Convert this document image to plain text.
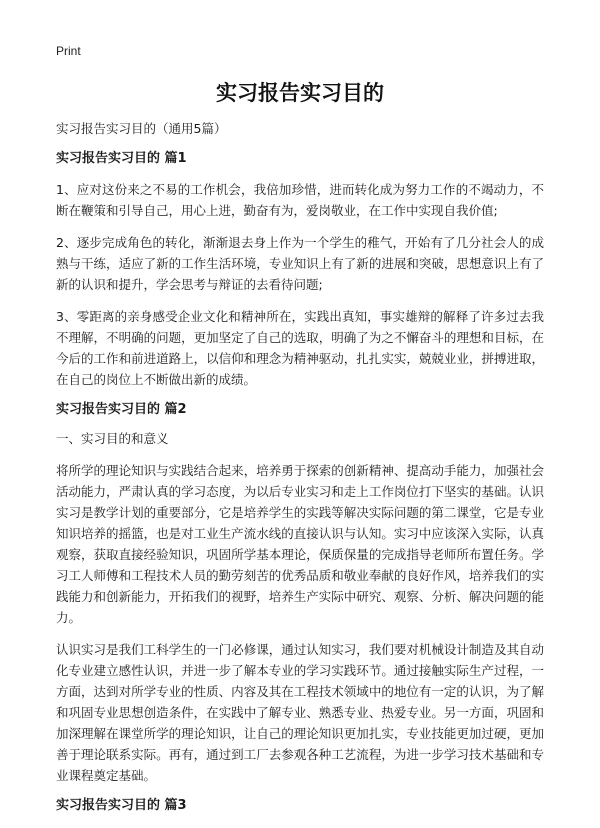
Print
实习报告实习目的
实习报告实习目的（通用5篇）
实习报告实习目的 篇1

1、应对这份来之不易的工作机会，我倍加珍惜，进而转化成为努力工作的不竭动力，不断在鞭策和引导自己，用心上进，勤奋有为，爱岗敬业，在工作中实现自我价值;

2、逐步完成角色的转化，渐渐退去身上作为一个学生的稚气，开始有了几分社会人的成熟与干练，适应了新的工作生活环境，专业知识上有了新的进展和突破，思想意识上有了新的认识和提升，学会思考与辩证的去看待问题;

3、零距离的亲身感受企业文化和精神所在，实践出真知，事实雄辩的解释了许多过去我不理解，不明确的问题，更加坚定了自己的选取，明确了为之不懈奋斗的理想和目标，在今后的工作和前进道路上，以信仰和理念为精神驱动，扎扎实实，兢兢业业，拼搏进取，在自己的岗位上不断做出新的成绩。

实习报告实习目的 篇2
一、实习目的和意义

将所学的理论知识与实践结合起来，培养勇于探索的创新精神、提高动手能力，加强社会活动能力，严肃认真的学习态度，为以后专业实习和走上工作岗位打下坚实的基础。认识实习是教学计划的重要部分，它是培养学生的实践等解决实际问题的第二课堂，它是专业知识培养的摇篮，也是对工业生产流水线的直接认识与认知。实习中应该深入实际，认真观察，获取直接经验知识，巩固所学基本理论，保质保量的完成指导老师所布置任务。学习工人师傅和工程技术人员的勤劳刻苦的优秀品质和敬业奉献的良好作风，培养我们的实践能力和创新能力，开拓我们的视野，培养生产实际中研究、观察、分析、解决问题的能力。

认识实习是我们工科学生的一门必修课，通过认知实习，我们要对机械设计制造及其自动化专业建立感性认识，并进一步了解本专业的学习实践环节。通过接触实际生产过程，一方面，达到对所学专业的性质、内容及其在工程技术领域中的地位有一定的认识，为了解和巩固专业思想创造条件，在实践中了解专业、熟悉专业、热爱专业。另一方面，巩固和加深理解在课堂所学的理论知识，让自己的理论知识更加扎实，专业技能更加过硬，更加善于理论联系实际。再有，通过到工厂去参观各种工艺流程，为进一步学习技术基础和专业课程奠定基础。

实习报告实习目的 篇3
